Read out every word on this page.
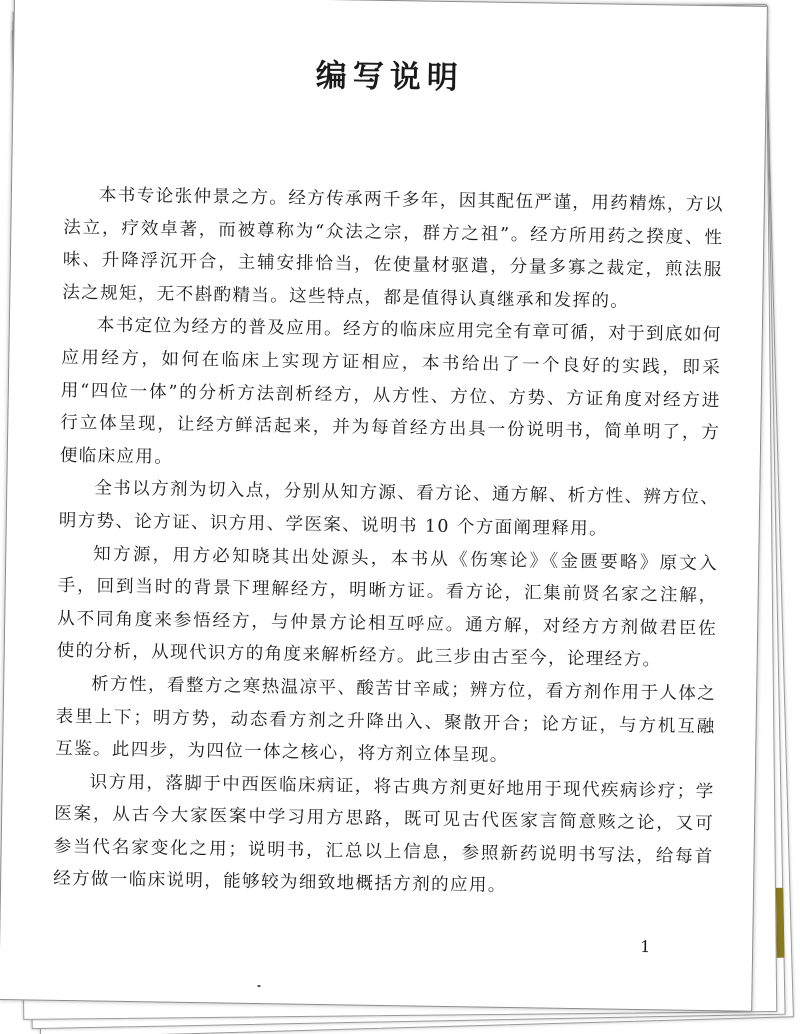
编写说明

本书专论张仲景之方。经方传承两千多年，因其配伍严谨，用药精炼，方以法立，疗效卓著，而被尊称为“众法之宗，群方之祖”。经方所用药之揆度、性味、升降浮沉开合，主辅安排恰当，佐使量材驱遣，分量多寡之裁定，煎法服法之规矩，无不斟酌精当。这些特点，都是值得认真继承和发挥的。

本书定位为经方的普及应用。经方的临床应用完全有章可循，对于到底如何应用经方，如何在临床上实现方证相应，本书给出了一个良好的实践，即采用“四位一体”的分析方法剖析经方，从方性、方位、方势、方证角度对经方进行立体呈现，让经方鲜活起来，并为每首经方出具一份说明书，简单明了，方便临床应用。

全书以方剂为切入点，分别从知方源、看方论、通方解、析方性、辨方位、明方势、论方证、识方用、学医案、说明书 10 个方面阐理释用。

知方源，用方必知晓其出处源头，本书从《伤寒论》《金匮要略》原文入手，回到当时的背景下理解经方，明晰方证。看方论，汇集前贤名家之注解，从不同角度来参悟经方，与仲景方论相互呼应。通方解，对经方方剂做君臣佐使的分析，从现代识方的角度来解析经方。此三步由古至今，论理经方。

析方性，看整方之寒热温凉平、酸苦甘辛咸；辨方位，看方剂作用于人体之表里上下；明方势，动态看方剂之升降出入、聚散开合；论方证，与方机互融互鉴。此四步，为四位一体之核心，将方剂立体呈现。

识方用，落脚于中西医临床病证，将古典方剂更好地用于现代疾病诊疗；学医案，从古今大家医案中学习用方思路，既可见古代医家言简意赅之论，又可参当代名家变化之用；说明书，汇总以上信息，参照新药说明书写法，给每首经方做一临床说明，能够较为细致地概括方剂的应用。

1
